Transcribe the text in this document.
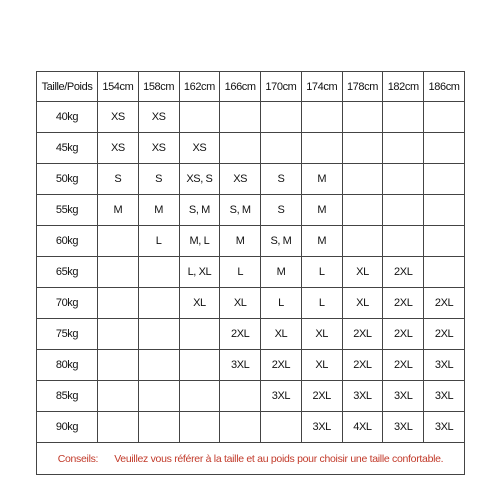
Taille/Poids	154cm	158cm	162cm	166cm	170cm	174cm	178cm	182cm	186cm
40kg	XS	XS							
45kg	XS	XS	XS						
50kg	S	S	XS, S	XS	S	M			
55kg	M	M	S, M	S, M	S	M			
60kg		L	M, L	M	S, M	M			
65kg			L, XL	L	M	L	XL	2XL	
70kg			XL	XL	L	L	XL	2XL	2XL
75kg				2XL	XL	XL	2XL	2XL	2XL
80kg				3XL	2XL	XL	2XL	2XL	3XL
85kg					3XL	2XL	3XL	3XL	3XL
90kg						3XL	4XL	3XL	3XL
Conseils: Veuillez vous référer à la taille et au poids pour choisir une taille confortable.									
